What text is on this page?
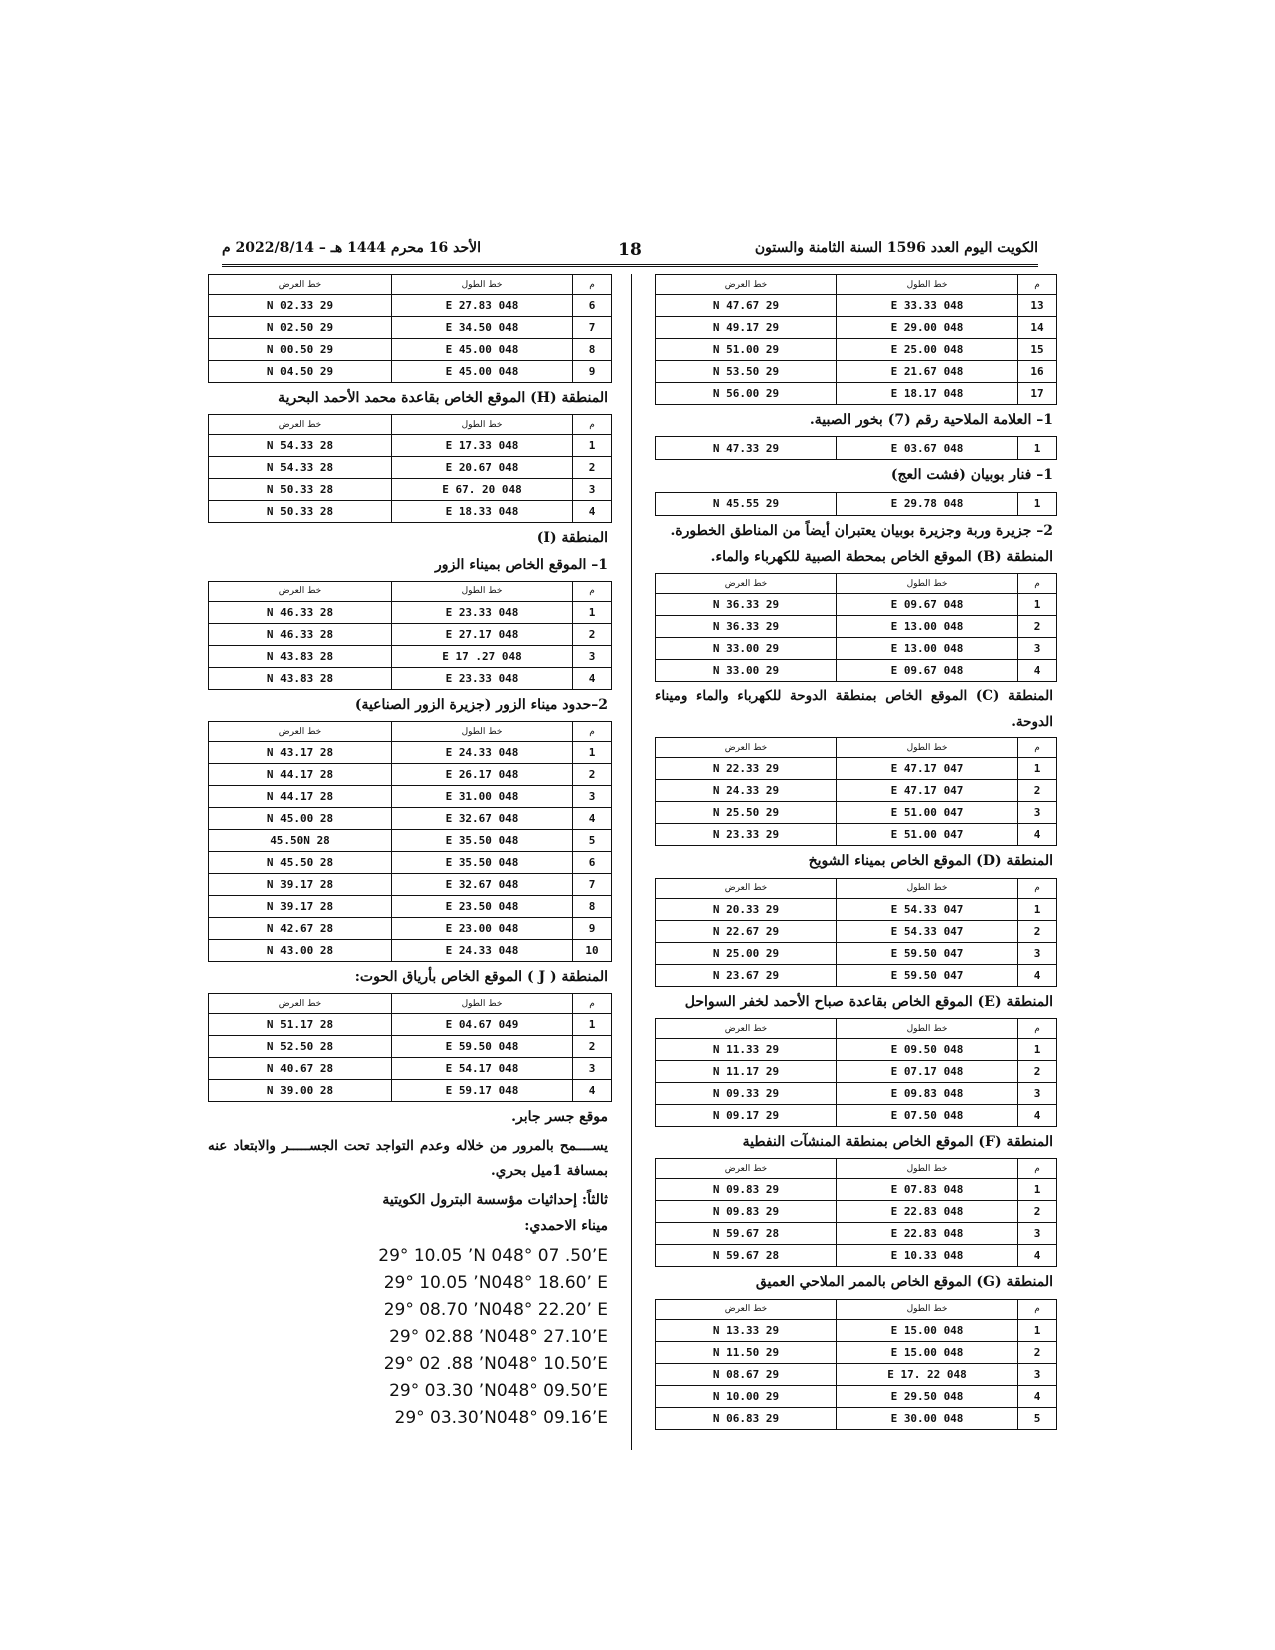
الكويت اليوم العدد 1596 السنة الثامنة والستون
18
الأحد 16 محرم 1444 هـ – 2022/8/14 م
م	خط الطول	خط العرض
13	048 33.33 E	29 47.67 N
14	048 29.00 E	29 49.17 N
15	048 25.00 E	29 51.00 N
16	048 21.67 E	29 53.50 N
17	048 18.17 E	29 56.00 N
1– العلامة الملاحية رقم (7) بخور الصبية.
1	048 03.67 E	29 47.33 N
1– فنار بوبيان (فشت العج)
1	048 29.78 E	29 45.55 N
2– جزيرة وربة وجزيرة بوبيان يعتبران أيضاً من المناطق الخطورة.
المنطقة (B) الموقع الخاص بمحطة الصبية للكهرباء والماء.
م	خط الطول	خط العرض
1	048 09.67 E	29 36.33 N
2	048 13.00 E	29 36.33 N
3	048 13.00 E	29 33.00 N
4	048 09.67 E	29 33.00 N
المنطقة (C) الموقع الخاص بمنطقة الدوحة للكهرباء والماء وميناء الدوحة.
م	خط الطول	خط العرض
1	047 47.17 E	29 22.33 N
2	047 47.17 E	29 24.33 N
3	047 51.00 E	29 25.50 N
4	047 51.00 E	29 23.33 N
المنطقة (D) الموقع الخاص بميناء الشويخ
م	خط الطول	خط العرض
1	047 54.33 E	29 20.33 N
2	047 54.33 E	29 22.67 N
3	047 59.50 E	29 25.00 N
4	047 59.50 E	29 23.67 N
المنطقة (E) الموقع الخاص بقاعدة صباح الأحمد لخفر السواحل
م	خط الطول	خط العرض
1	048 09.50 E	29 11.33 N
2	048 07.17 E	29 11.17 N
3	048 09.83 E	29 09.33 N
4	048 07.50 E	29 09.17 N
المنطقة (F) الموقع الخاص بمنطقة المنشآت النفطية
م	خط الطول	خط العرض
1	048 07.83 E	29 09.83 N
2	048 22.83 E	29 09.83 N
3	048 22.83 E	28 59.67 N
4	048 10.33 E	28 59.67 N
المنطقة (G) الموقع الخاص بالممر الملاحي العميق
م	خط الطول	خط العرض
1	048 15.00 E	29 13.33 N
2	048 15.00 E	29 11.50 N
3	048 22 .17 E	29 08.67 N
4	048 29.50 E	29 10.00 N
5	048 30.00 E	29 06.83 N
م	خط الطول	خط العرض
6	048 27.83 E	29 02.33 N
7	048 34.50 E	29 02.50 N
8	048 45.00 E	29 00.50 N
9	048 45.00 E	29 04.50 N
المنطقة (H) الموقع الخاص بقاعدة محمد الأحمد البحرية
م	خط الطول	خط العرض
1	048 17.33 E	28 54.33 N
2	048 20.67 E	28 54.33 N
3	048 20 .67 E	28 50.33 N
4	048 18.33 E	28 50.33 N
المنطقة (I)
1– الموقع الخاص بميناء الزور
م	خط الطول	خط العرض
1	048 23.33 E	28 46.33 N
2	048 27.17 E	28 46.33 N
3	048 27. 17 E	28 43.83 N
4	048 23.33 E	28 43.83 N
2–حدود ميناء الزور (جزيرة الزور الصناعية)
م	خط الطول	خط العرض
1	048 24.33 E	28 43.17 N
2	048 26.17 E	28 44.17 N
3	048 31.00 E	28 44.17 N
4	048 32.67 E	28 45.00 N
5	048 35.50 E	28 45.50N
6	048 35.50 E	28 45.50 N
7	048 32.67 E	28 39.17 N
8	048 23.50 E	28 39.17 N
9	048 23.00 E	28 42.67 N
10	048 24.33 E	28 43.00 N
المنطقة ( J ) الموقع الخاص بأرياق الحوت:
م	خط الطول	خط العرض
1	049 04.67 E	28 51.17 N
2	048 59.50 E	28 52.50 N
3	048 54.17 E	28 40.67 N
4	048 59.17 E	28 39.00 N
موقع جسر جابر.
يســــمح بالمرور من خلاله وعدم التواجد تحت الجســـــر والابتعاد عنه بمسافة 1ميل بحري.
ثالثاً: إحداثيات مؤسسة البترول الكويتية
ميناء الاحمدي:
29° 10.05 ’N 048° 07 .50’E
29° 10.05 ’N048° 18.60’ E
29° 08.70 ’N048° 22.20’ E
29° 02.88 ’N048° 27.10’E
29° 02 .88 ’N048° 10.50’E
29° 03.30 ’N048° 09.50’E
29° 03.30’N048° 09.16’E
